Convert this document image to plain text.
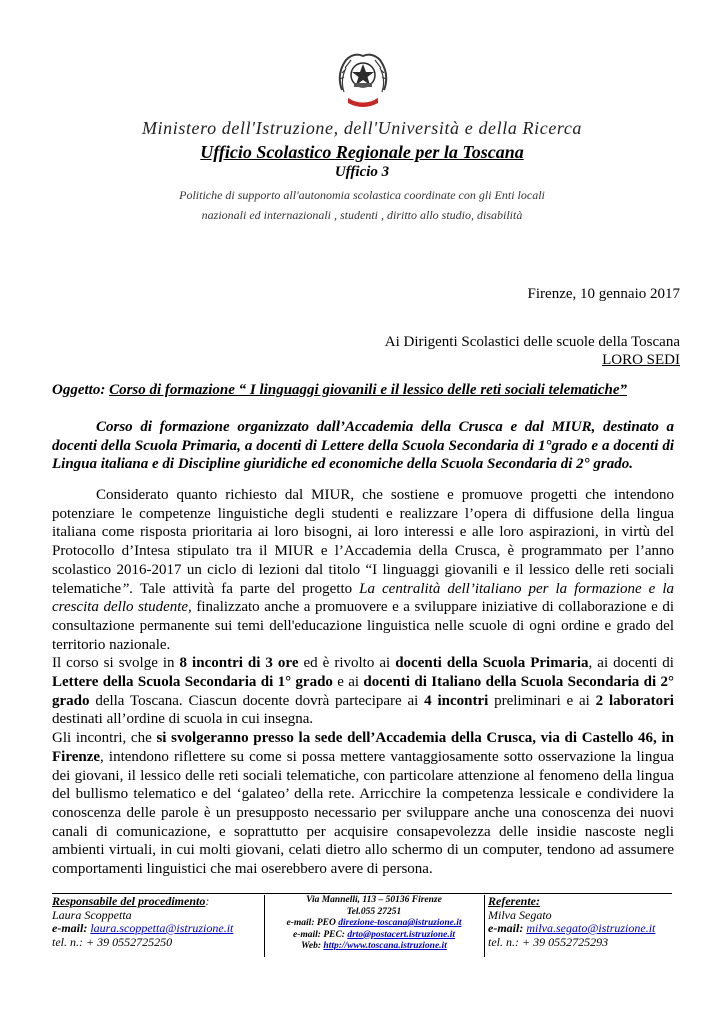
Ministero dell'Istruzione, dell'Università e della Ricerca
Ufficio Scolastico Regionale per la Toscana
Ufficio 3
Politiche di supporto all'autonomia scolastica coordinate con gli Enti locali
nazionali ed internazionali , studenti , diritto allo studio, disabilità
Firenze, 10 gennaio 2017
Ai Dirigenti Scolastici delle scuole della Toscana
LORO SEDI
Oggetto: Corso di formazione “ I linguaggi giovanili e il lessico delle reti sociali telematiche”
Corso di formazione organizzato dall’Accademia della Crusca e dal MIUR, destinato a docenti della Scuola Primaria, a docenti di Lettere della Scuola Secondaria di 1°grado e a docenti di Lingua italiana e di Discipline giuridiche ed economiche della Scuola Secondaria di 2° grado.

Considerato quanto richiesto dal MIUR, che sostiene e promuove progetti che intendono potenziare le competenze linguistiche degli studenti e realizzare l’opera di diffusione della lingua italiana come risposta prioritaria ai loro bisogni, ai loro interessi e alle loro aspirazioni, in virtù del Protocollo d’Intesa stipulato tra il MIUR e l’Accademia della Crusca, è programmato per l’anno scolastico 2016-2017 un ciclo di lezioni dal titolo “I linguaggi giovanili e il lessico delle reti sociali telematiche”. Tale attività fa parte del progetto La centralità dell’italiano per la formazione e la crescita dello studente, finalizzato anche a promuovere e a sviluppare iniziative di collaborazione e di consultazione permanente sui temi dell'educazione linguistica nelle scuole di ogni ordine e grado del territorio nazionale.

Il corso si svolge in 8 incontri di 3 ore ed è rivolto ai docenti della Scuola Primaria, ai docenti di Lettere della Scuola Secondaria di 1° grado e ai docenti di Italiano della Scuola Secondaria di 2° grado della Toscana. Ciascun docente dovrà partecipare ai 4 incontri preliminari e ai 2 laboratori destinati all’ordine di scuola in cui insegna.

Gli incontri, che si svolgeranno presso la sede dell’Accademia della Crusca, via di Castello 46, in Firenze, intendono riflettere su come si possa mettere vantaggiosamente sotto osservazione la lingua dei giovani, il lessico delle reti sociali telematiche, con particolare attenzione al fenomeno della lingua del bullismo telematico e del ‘galateo’ della rete. Arricchire la competenza lessicale e condividere la conoscenza delle parole è un presupposto necessario per sviluppare anche una conoscenza dei nuovi canali di comunicazione, e soprattutto per acquisire consapevolezza delle insidie nascoste negli ambienti virtuali, in cui molti giovani, celati dietro allo schermo di un computer, tendono ad assumere comportamenti linguistici che mai oserebbero avere di persona.

Responsabile del procedimento:
Laura Scoppetta
e-mail: laura.scoppetta@istruzione.it
tel. n.: + 39 0552725250
Via Mannelli, 113 – 50136 Firenze
Tel.055 27251
e-mail: PEO direzione-toscana@istruzione.it
e-mail: PEC: drto@postacert.istruzione.it
Web: http://www.toscana.istruzione.it
Referente:
Milva Segato
e-mail: milva.segato@istruzione.it
tel. n.: + 39 0552725293
